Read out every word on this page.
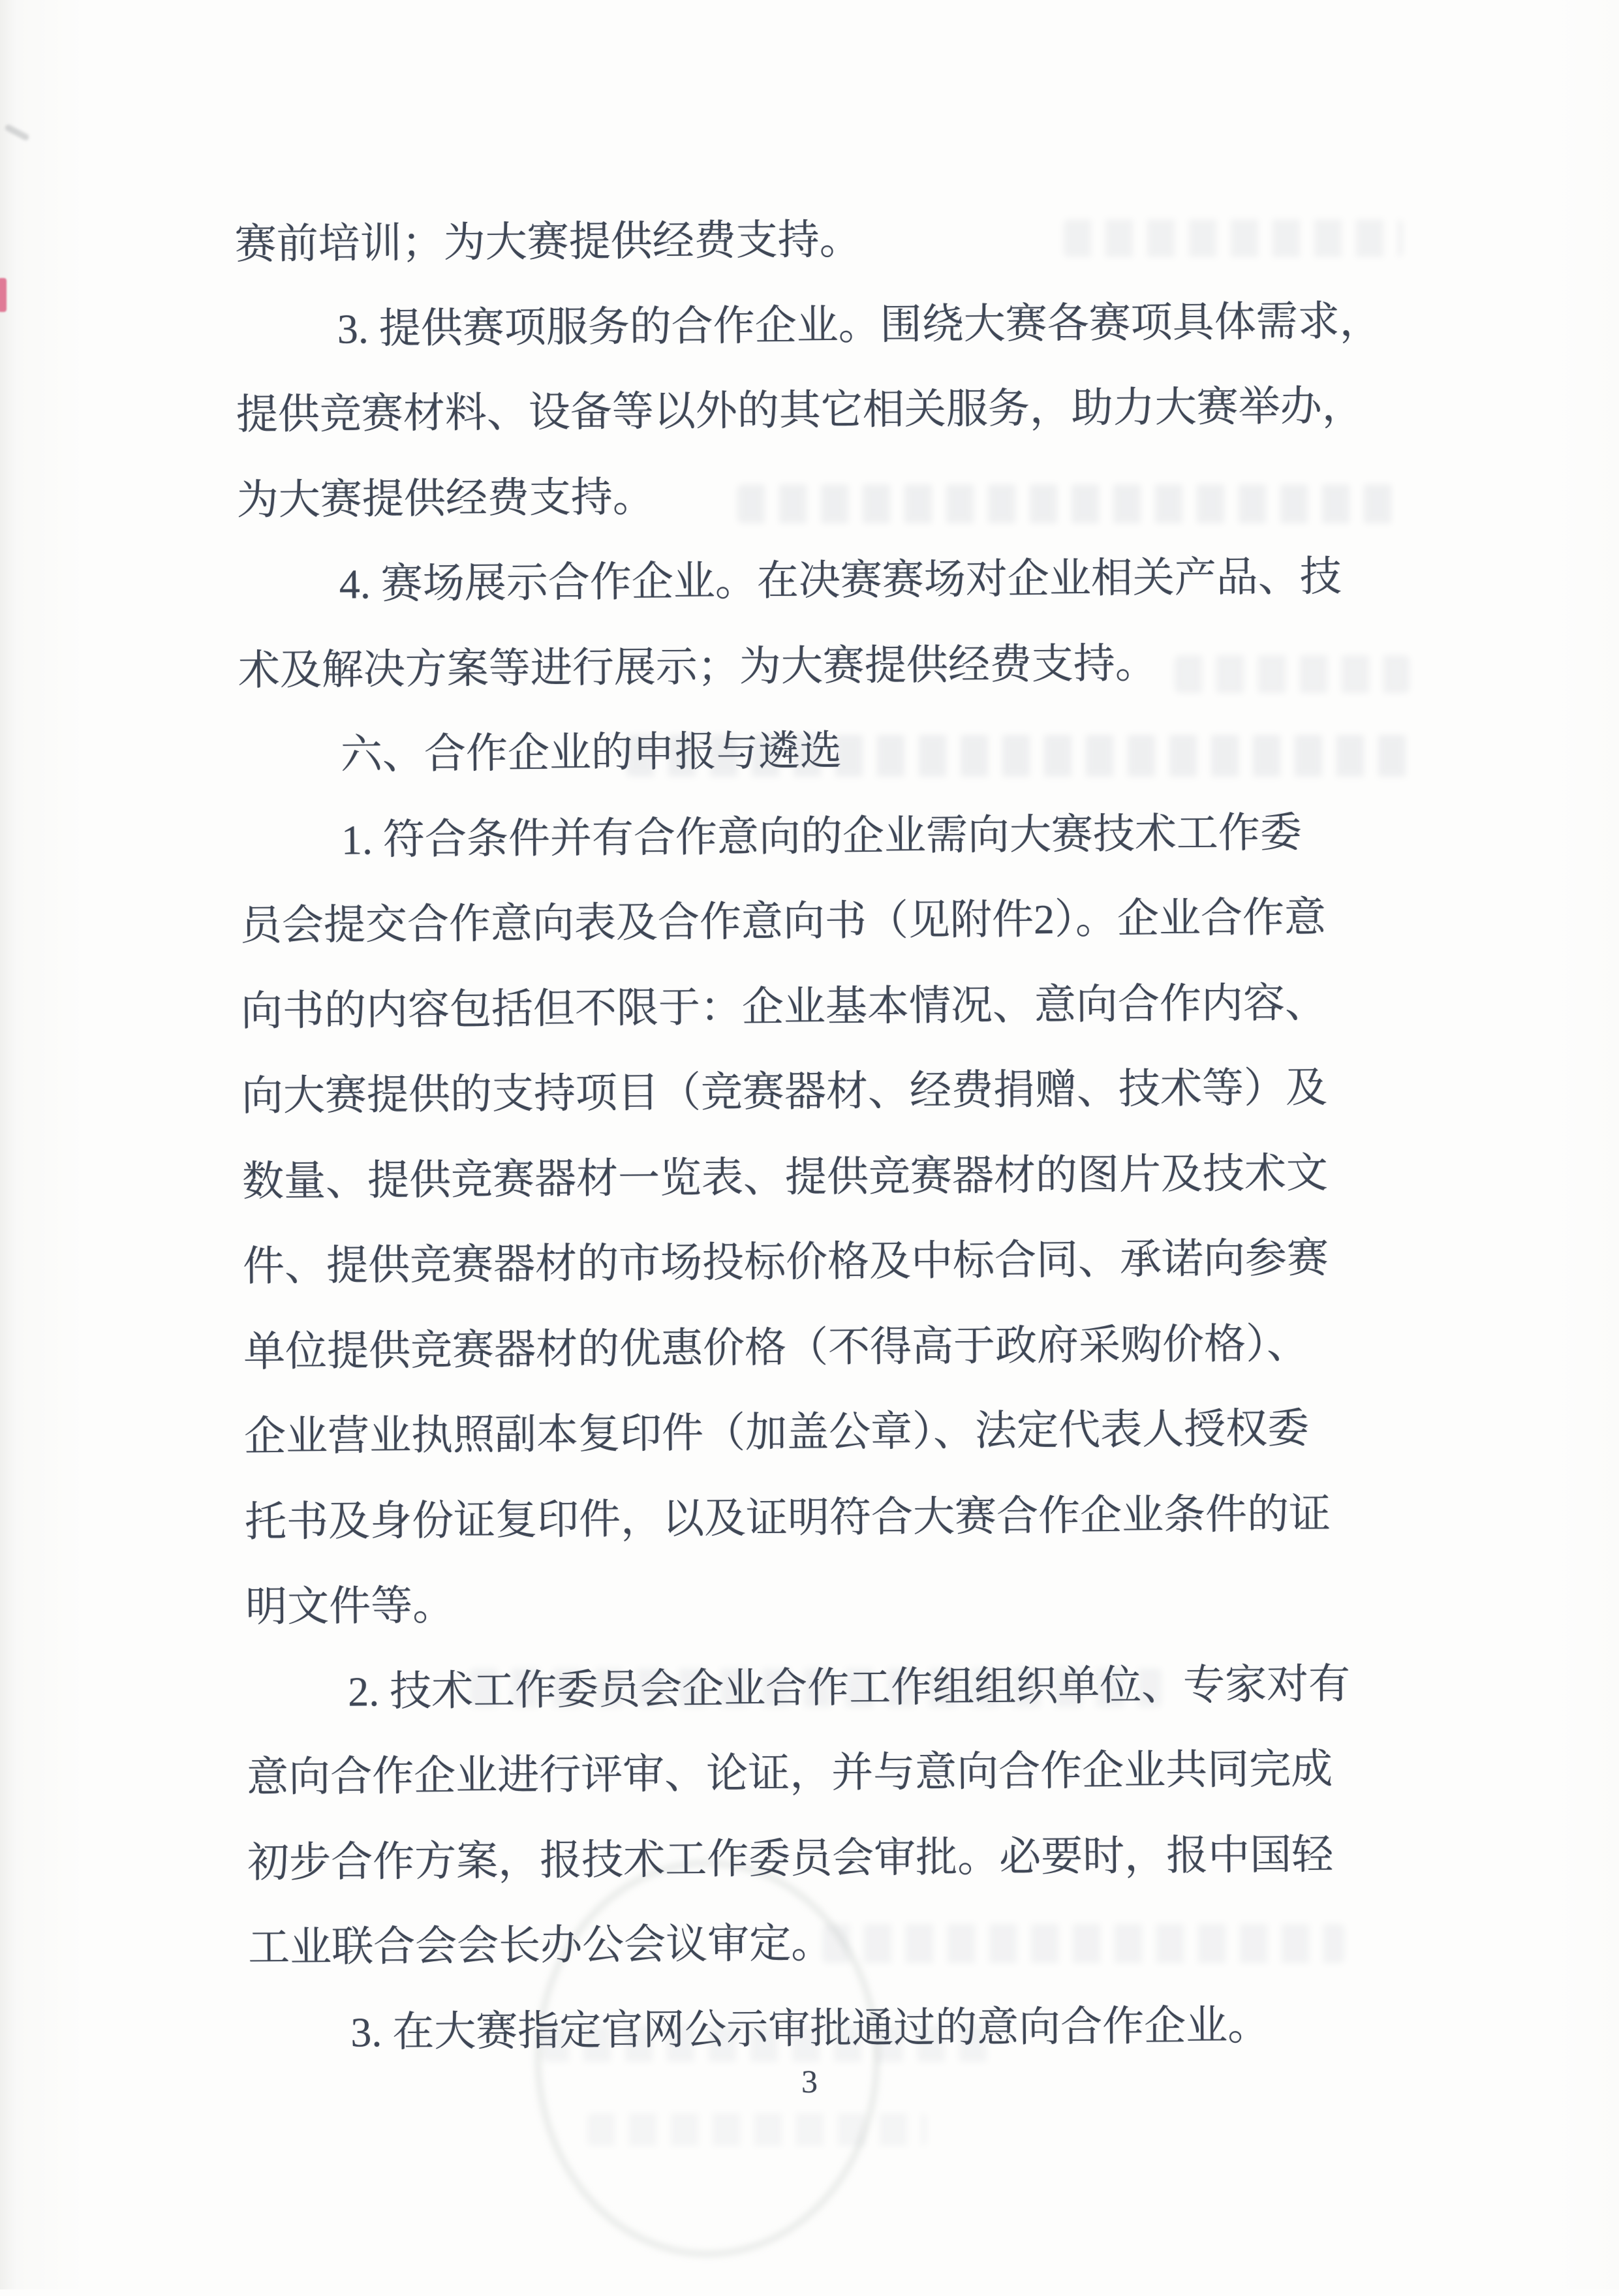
赛前培训；为大赛提供经费支持。
3. 提供赛项服务的合作企业。围绕大赛各赛项具体需求，
提供竞赛材料、设备等以外的其它相关服务，助力大赛举办，
为大赛提供经费支持。
4. 赛场展示合作企业。在决赛赛场对企业相关产品、技
术及解决方案等进行展示；为大赛提供经费支持。
六、合作企业的申报与遴选
1. 符合条件并有合作意向的企业需向大赛技术工作委
员会提交合作意向表及合作意向书（见附件2）。企业合作意
向书的内容包括但不限于：企业基本情况、意向合作内容、
向大赛提供的支持项目（竞赛器材、经费捐赠、技术等）及
数量、提供竞赛器材一览表、提供竞赛器材的图片及技术文
件、提供竞赛器材的市场投标价格及中标合同、承诺向参赛
单位提供竞赛器材的优惠价格（不得高于政府采购价格）、
企业营业执照副本复印件（加盖公章）、法定代表人授权委
托书及身份证复印件，以及证明符合大赛合作企业条件的证
明文件等。
2. 技术工作委员会企业合作工作组组织单位、专家对有
意向合作企业进行评审、论证，并与意向合作企业共同完成
初步合作方案，报技术工作委员会审批。必要时，报中国轻
工业联合会会长办公会议审定。
3. 在大赛指定官网公示审批通过的意向合作企业。
3
